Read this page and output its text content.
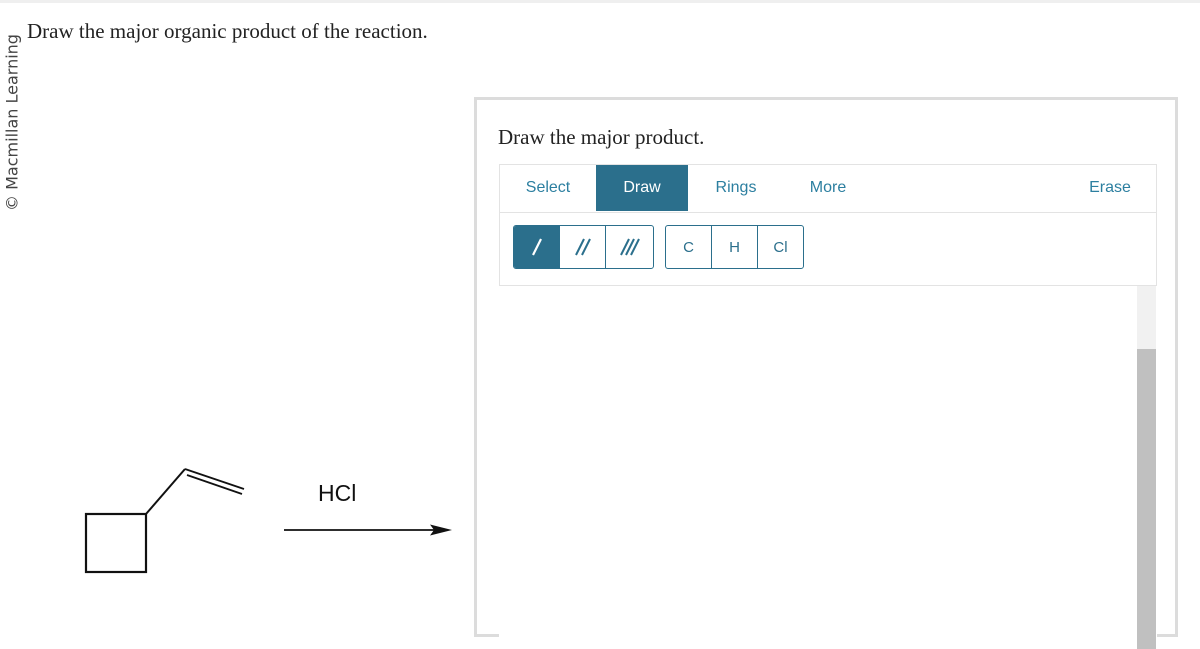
© Macmillan Learning
Draw the major organic product of the reaction.
HCl
Draw the major product.
Select	Draw	Rings	More	Erase
C	H	Cl
